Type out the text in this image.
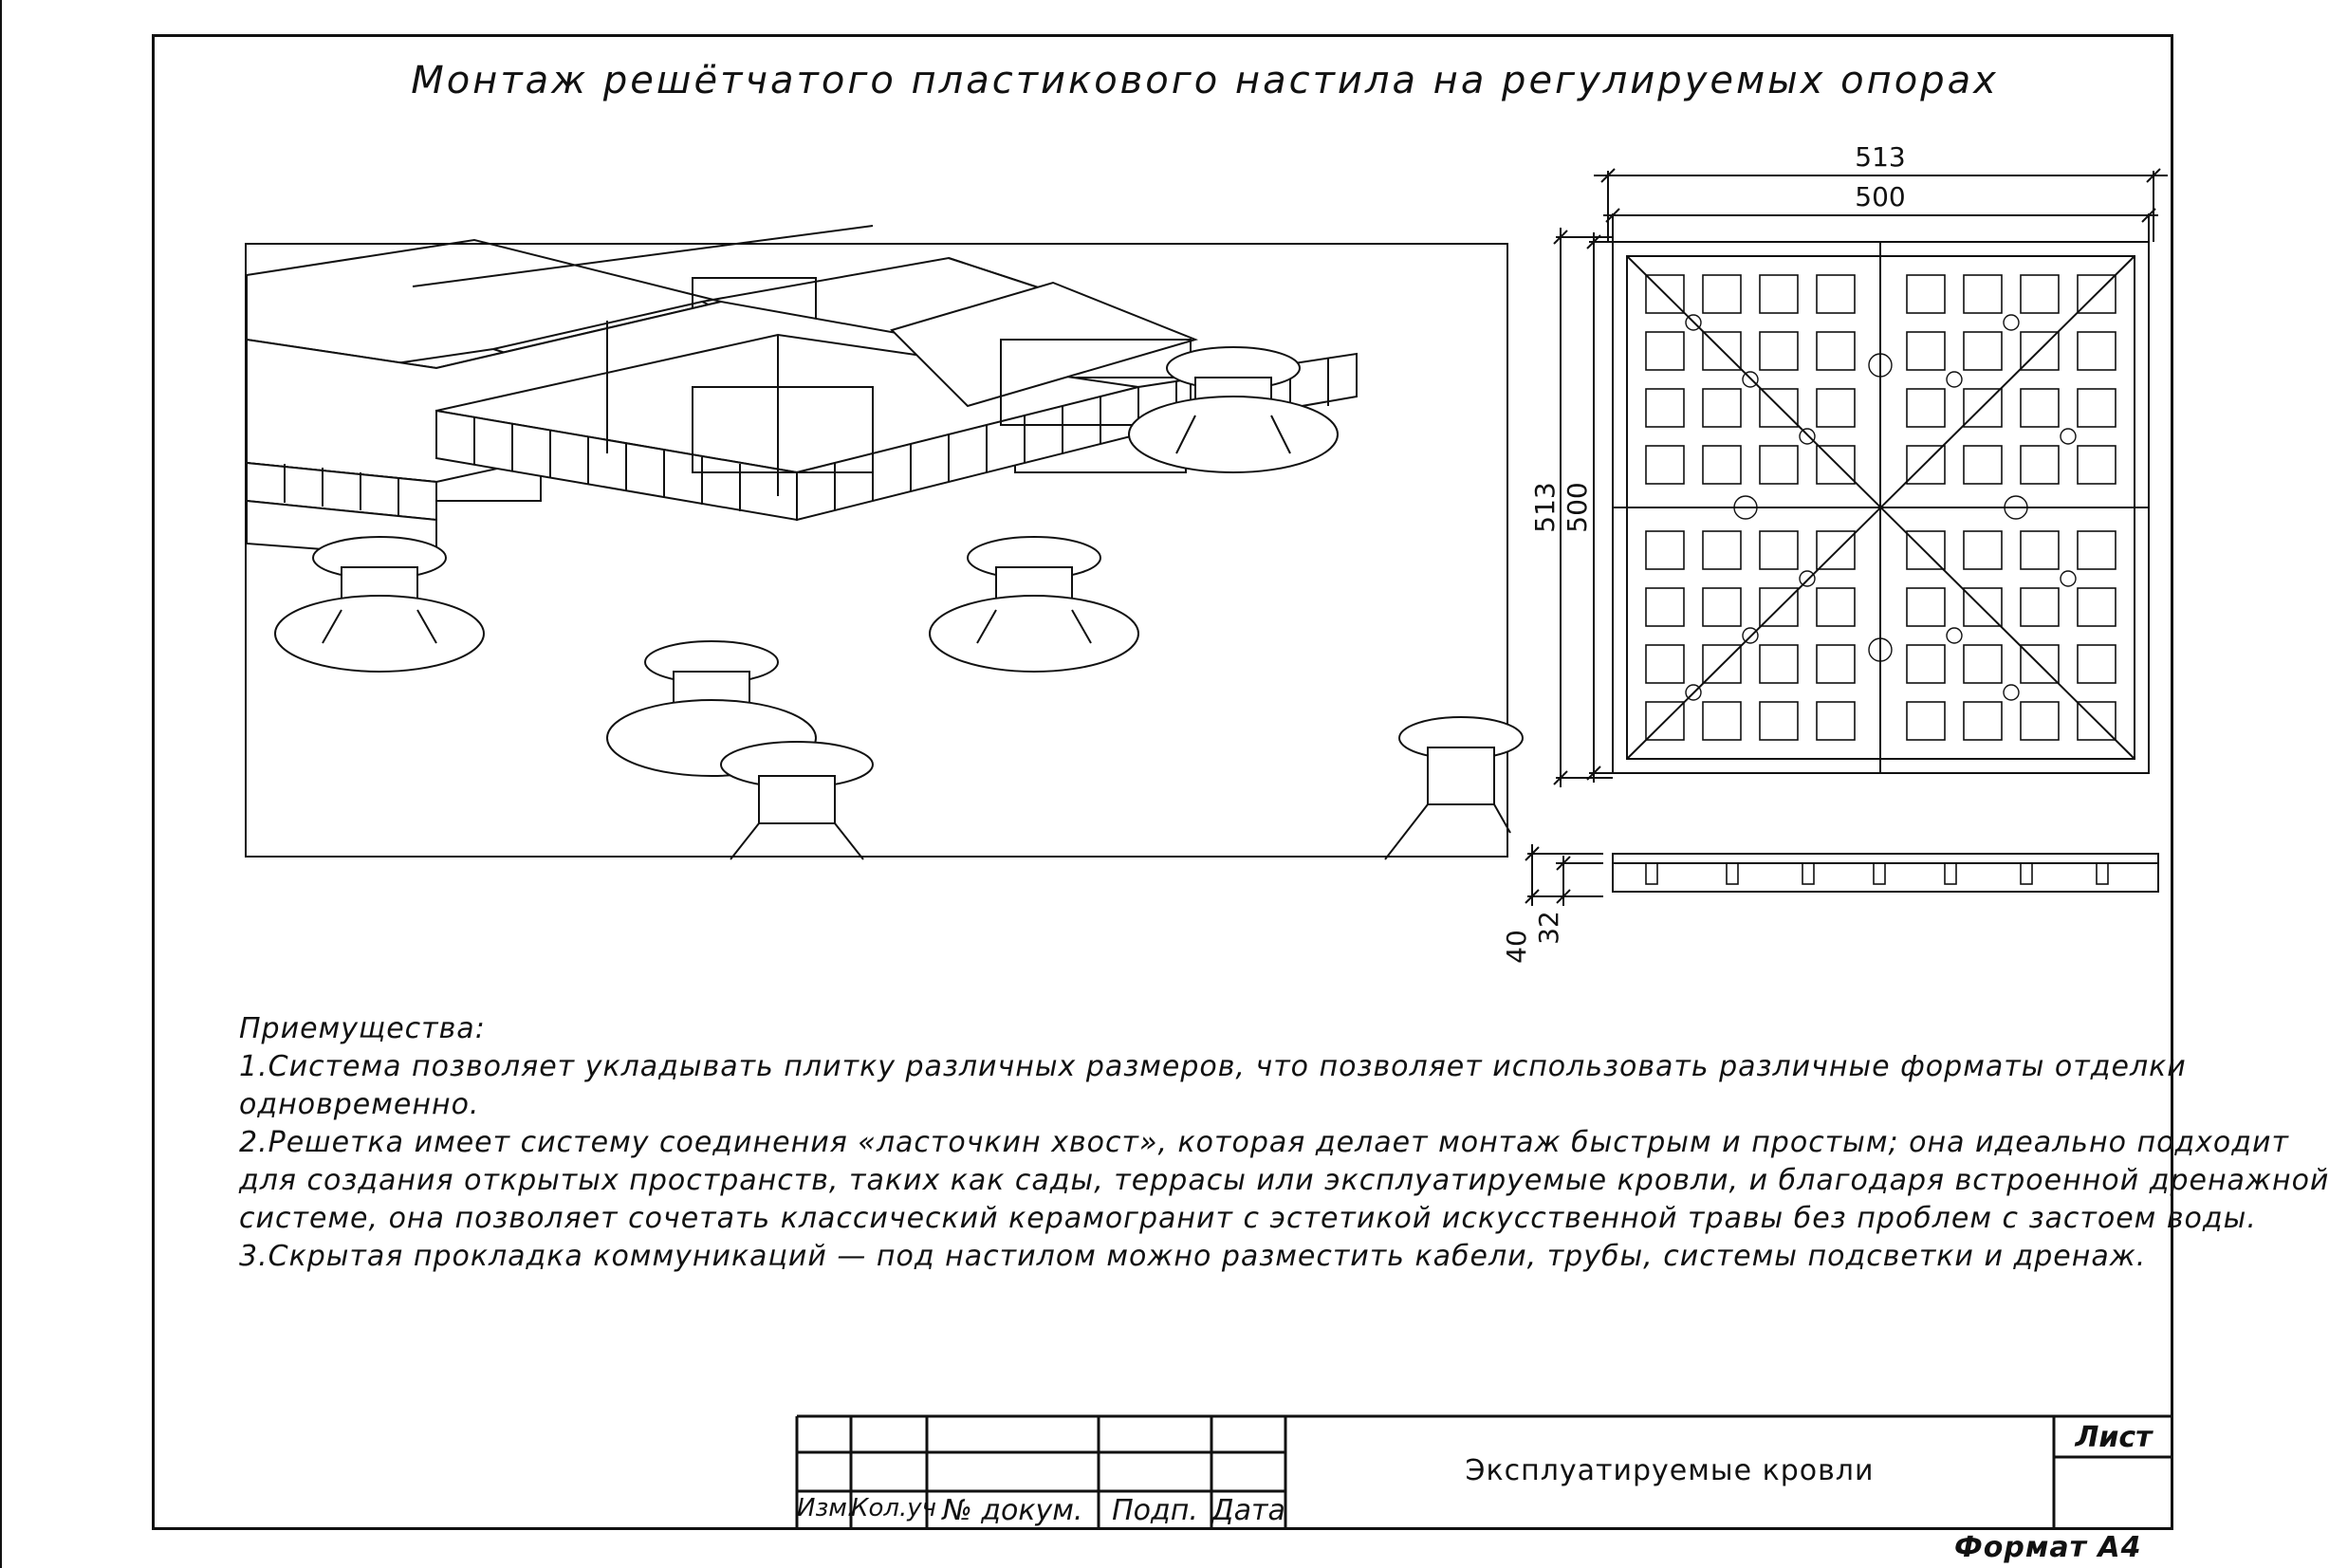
Монтаж решётчатого пластикового настила на регулируемых опорах
513
500
513 500
40
32
Приемущества:
1.Система позволяет укладывать плитку различных размеров, что позволяет использовать различные форматы отделки
одновременно.
2.Решетка имеет систему соединения «ласточкин хвост», которая делает монтаж быстрым и простым; она идеально подходит
для создания открытых пространств, таких как сады, террасы или эксплуатируемые кровли, и благодаря встроенной дренажной
системе, она позволяет сочетать классический керамогранит с эстетикой искусственной травы без проблем с застоем воды.
3.Скрытая прокладка коммуникаций — под настилом можно разместить кабели, трубы, системы подсветки и дренаж.
Изм.
Кол.уч № докум.	Подп. Дата
Эксплуатируемые кровли
Лист
Формат А4
